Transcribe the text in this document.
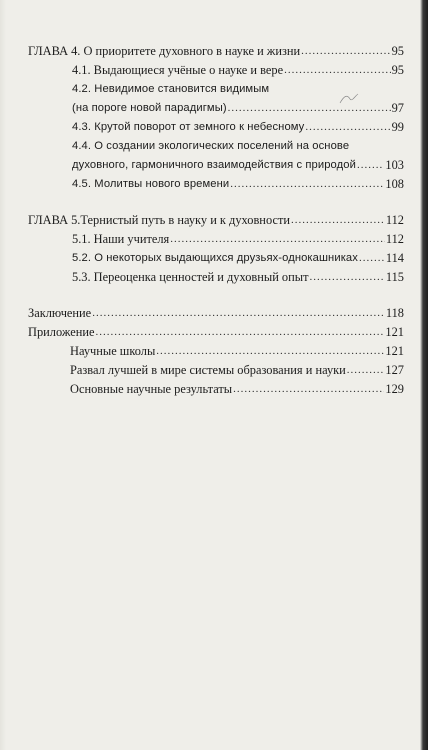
ГЛАВА 4. О приоритете духовного в науке и жизни .....	95
4.1. Выдающиеся учёные о науке и вере .....	95
4.2. Невидимое становится видимым
(на пороге новой парадигмы) .....	97
4.3. Крутой поворот от земного к небесному .....	99
4.4. О создании экологических поселений на основе
духовного, гармоничного взаимодействия с природой ..... 103
4.5. Молитвы нового времени .....	108
ГЛАВА 5.Тернистый путь в науку и к духовности .....	112
5.1. Наши учителя .....	112
5.2. О некоторых выдающихся друзьях-однокашниках ..... 114
5.3. Переоценка ценностей и духовный опыт .....	115
Заключение .....	118
Приложение .....	121
Научные школы .....	121
Развал лучшей в мире системы образования и науки .....	127
Основные научные результаты .....	129
